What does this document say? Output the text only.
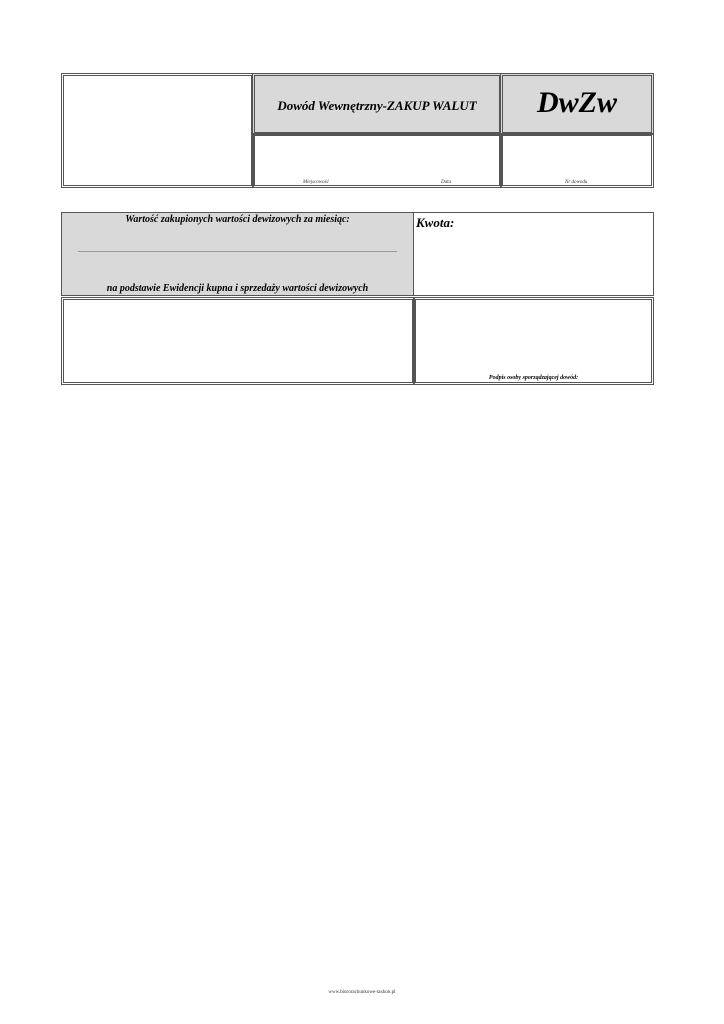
Dowód Wewnętrzny-ZAKUP WALUT	DwZw
Miejscowość	Data	Nr dowodu
Wartość zakupionych wartości dewizowych za miesiąc:
na podstawie Ewidencji kupna i sprzedaży wartości dewizowych
Kwota:
Podpis osoby sporządzającej dowód:
www.biurorachunkowe-taxkon.pl
